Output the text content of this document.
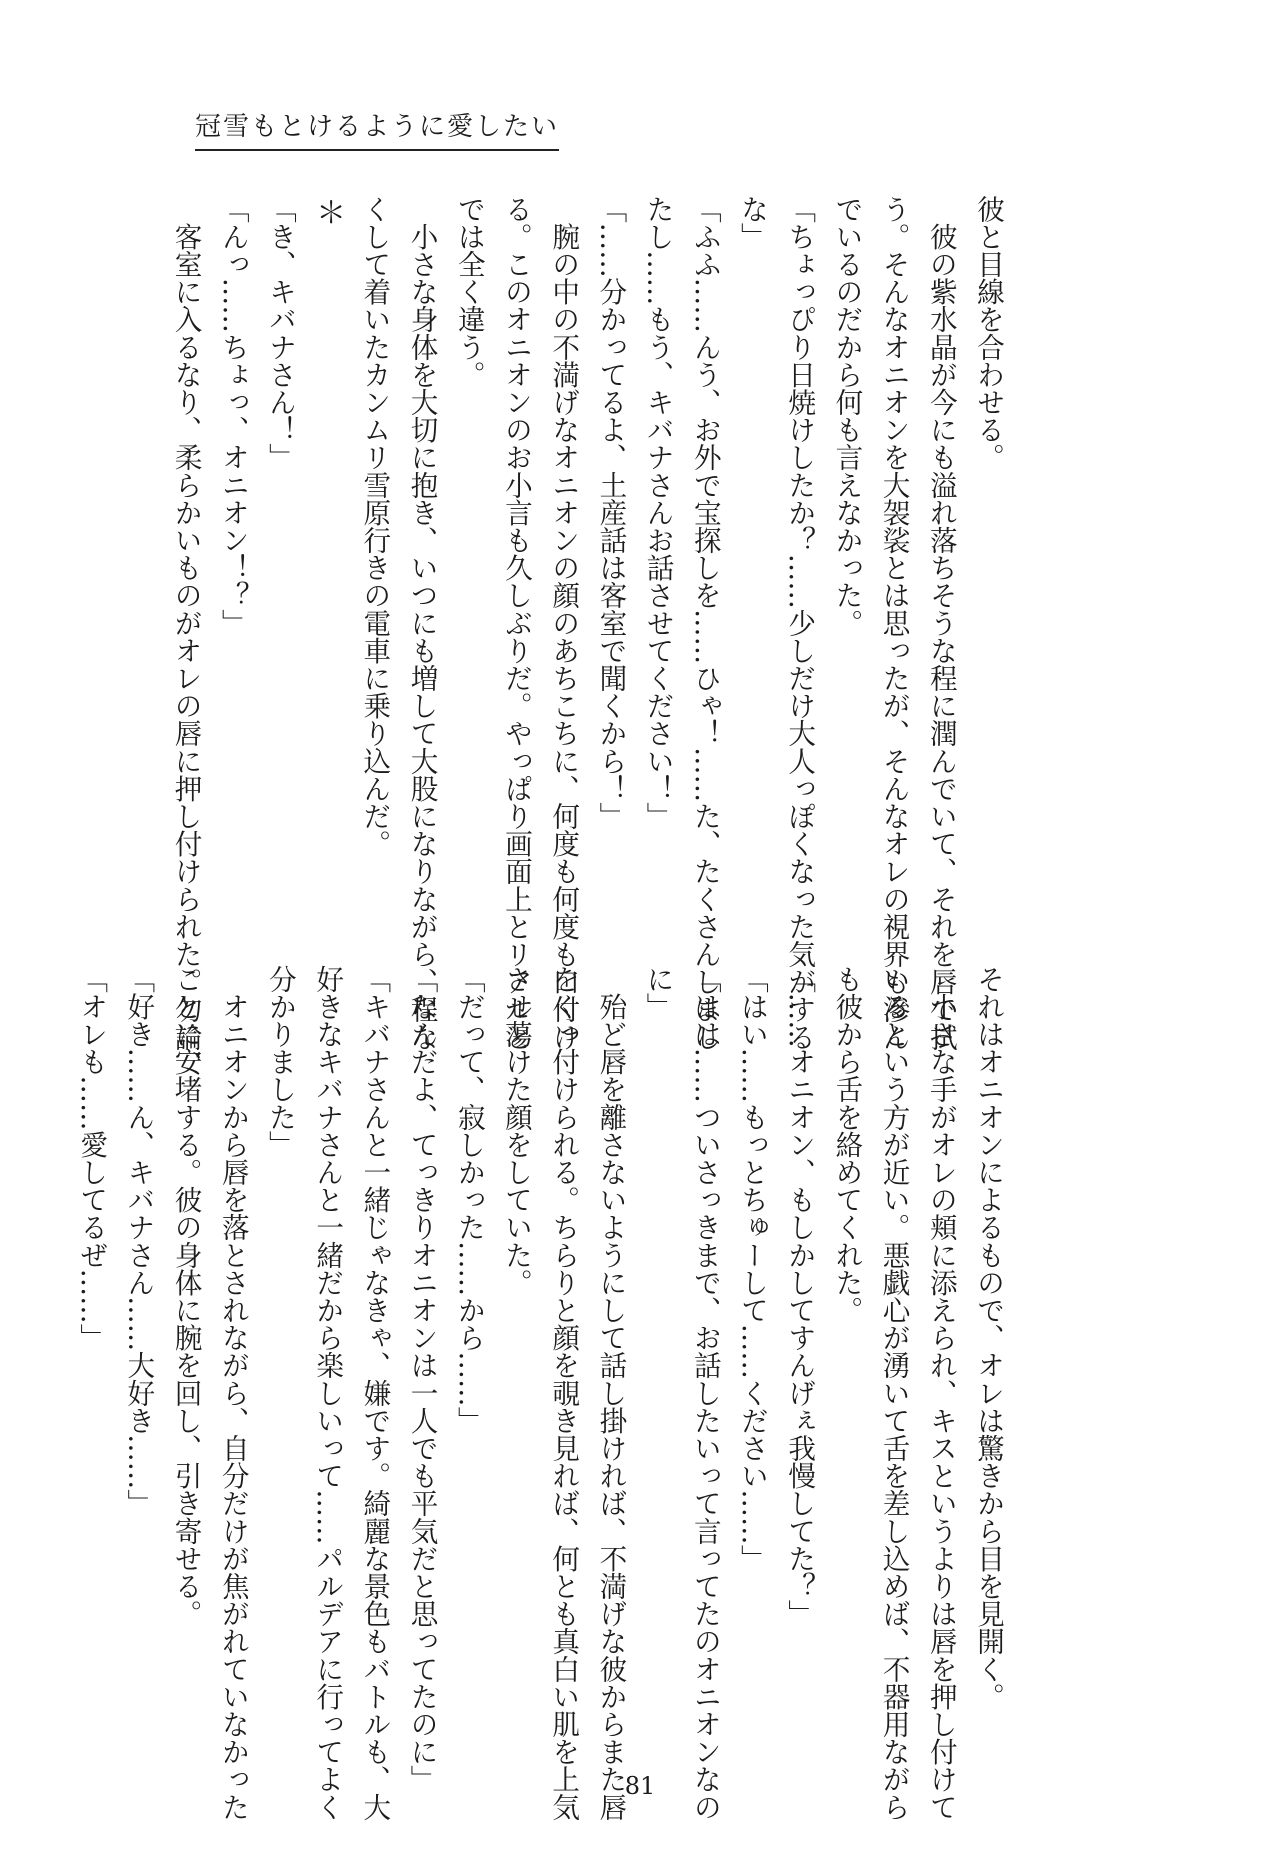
冠雪もとけるように愛したい

彼と目線を合わせる。

　彼の紫水晶が今にも溢れ落ちそうな程に潤んでいて、それを唇で拭

う。そんなオニオンを大袈裟とは思ったが、そんなオレの視界も滲ん

でいるのだから何も言えなかった。

「ちょっぴり日焼けしたか？……少しだけ大人っぽくなった気がする

な」

「ふふ……んう、お外で宝探しを……ひゃ！……た、たくさんしまし

たし……もう、キバナさんお話させてください！」

「……分かってるよ、土産話は客室で聞くから！」

　腕の中の不満げなオニオンの顔のあちこちに、何度も何度も口付け

る。このオニオンのお小言も久しぶりだ。やっぱり画面上とリアルと

では全く違う。

　小さな身体を大切に抱き、いつにも増して大股になりながら、程な

くして着いたカンムリ雪原行きの電車に乗り込んだ。

＊

「き、キバナさん！」

「んっ……ちょっ、オニオン！？」

　客室に入るなり、柔らかいものがオレの唇に押し付けられた。勿論、

それはオニオンによるもので、オレは驚きから目を見開く。

　小さな手がオレの頬に添えられ、キスというよりは唇を押し付けて

いるという方が近い。悪戯心が湧いて舌を差し込めば、不器用ながら

も彼から舌を絡めてくれた。

「……オニオン、もしかしてすんげぇ我慢してた？」

「はい……もっとちゅーして……ください……」

「はは……ついさっきまで、お話したいって言ってたのオニオンなの

に」

　殆ど唇を離さないようにして話し掛ければ、不満げな彼からまた唇

をくっ付けられる。ちらりと顔を覗き見れば、何とも真白い肌を上気

させ蕩けた顔をしていた。

「だって、寂しかった……から……」

「なんだよ、てっきりオニオンは一人でも平気だと思ってたのに」

「キバナさんと一緒じゃなきゃ、嫌です。綺麗な景色もバトルも、大

好きなキバナさんと一緒だから楽しいって……パルデアに行ってよく

分かりました」

　オニオンから唇を落とされながら、自分だけが焦がれていなかった

ことに安堵する。彼の身体に腕を回し、引き寄せる。

「好き……ん、キバナさん……大好き……」

「オレも……愛してるぜ……」

81
